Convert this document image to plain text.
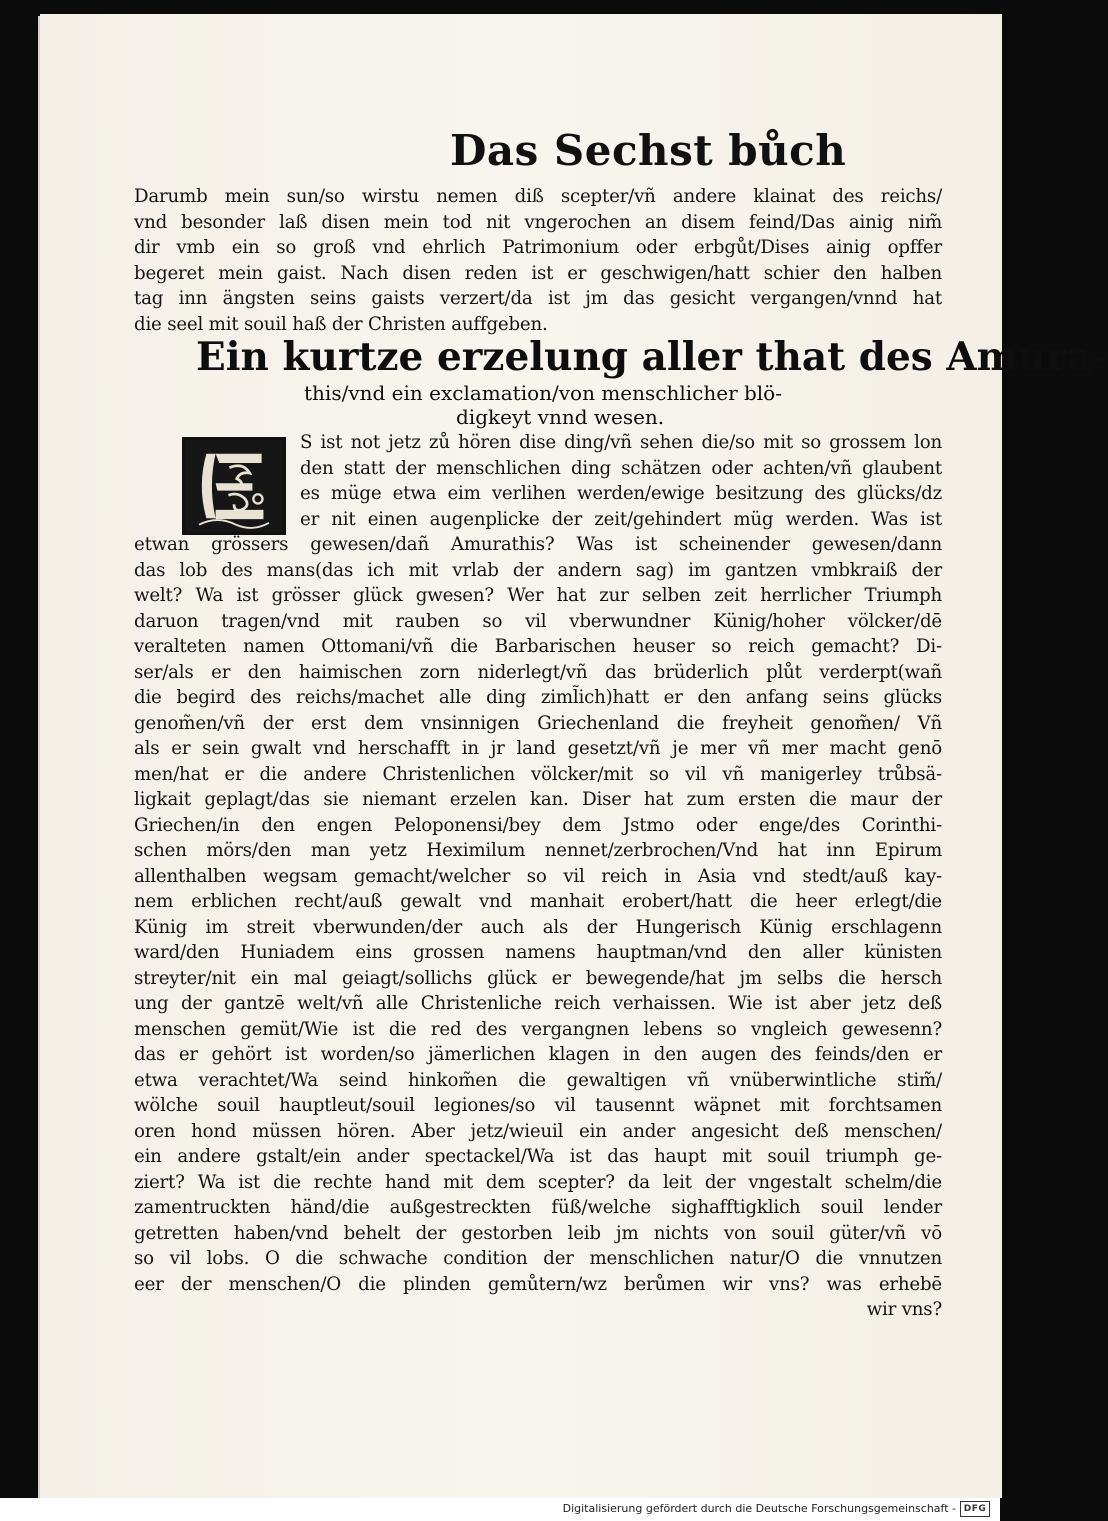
Das Sechst bůch
Darumb mein sun/so wirstu nemen diß scepter/vñ andere klainat des reichs/
vnd besonder laß disen mein tod nit vngerochen an disem feind/Das ainig nim̃
dir vmb ein so groß vnd ehrlich Patrimonium oder erbgůt/Dises ainig opffer
begeret mein gaist. Nach disen reden ist er geschwigen/hatt schier den halben
tag inn ängsten seins gaists verzert/da ist jm das gesicht vergangen/vnnd hat
die seel mit souil haß der Christen auffgeben.
Ein kurtze erzelung aller that des Amura-
this/vnd ein exclamation/von menschlicher blö-
digkeyt vnnd wesen.
S ist not jetz zů hören dise ding/vñ sehen die/so mit so grossem lon
den statt der menschlichen ding schätzen oder achten/vñ glaubent
es müge etwa eim verlihen werden/ewige besitzung des glücks/dz
er nit einen augenplicke der zeit/gehindert müg werden. Was ist
etwan grössers gewesen/dañ Amurathis? Was ist scheinender gewesen/dann
das lob des mans(das ich mit vrlab der andern sag) im gantzen vmbkraiß der
welt? Wa ist grösser glück gwesen? Wer hat zur selben zeit herrlicher Triumph
daruon tragen/vnd mit rauben so vil vberwundner Künig/hoher völcker/dē
veralteten namen Ottomani/vñ die Barbarischen heuser so reich gemacht? Di-
ser/als er den haimischen zorn niderlegt/vñ das brüderlich plůt verderpt(wañ
die begird des reichs/machet alle ding ziml̃ich)hatt er den anfang seins glücks
genom̃en/vñ der erst dem vnsinnigen Griechenland die freyheit genom̃en/ Vñ
als er sein gwalt vnd herschafft in jr land gesetzt/vñ je mer vñ mer macht genō
men/hat er die andere Christenlichen völcker/mit so vil vñ manigerley trůbsä-
ligkait geplagt/das sie niemant erzelen kan. Diser hat zum ersten die maur der
Griechen/in den engen Peloponensi/bey dem Jstmo oder enge/des Corinthi-
schen mörs/den man yetz Heximilum nennet/zerbrochen/Vnd hat inn Epirum
allenthalben wegsam gemacht/welcher so vil reich in Asia vnd stedt/auß kay-
nem erblichen recht/auß gewalt vnd manhait erobert/hatt die heer erlegt/die
Künig im streit vberwunden/der auch als der Hungerisch Künig erschlagenn
ward/den Huniadem eins grossen namens hauptman/vnd den aller künisten
streyter/nit ein mal geiagt/sollichs glück er bewegende/hat jm selbs die hersch
ung der gantzē welt/vñ alle Christenliche reich verhaissen. Wie ist aber jetz deß
menschen gemüt/Wie ist die red des vergangnen lebens so vngleich gewesenn?
das er gehört ist worden/so jämerlichen klagen in den augen des feinds/den er
etwa verachtet/Wa seind hinkom̃en die gewaltigen vñ vnüberwintliche stim̃/
wölche souil hauptleut/souil legiones/so vil tausennt wäpnet mit forchtsamen
oren hond müssen hören. Aber jetz/wieuil ein ander angesicht deß menschen/
ein andere gstalt/ein ander spectackel/Wa ist das haupt mit souil triumph ge-
ziert? Wa ist die rechte hand mit dem scepter? da leit der vngestalt schelm/die
zamentruckten händ/die außgestreckten füß/welche sighafftigklich souil lender
getretten haben/vnd behelt der gestorben leib jm nichts von souil güter/vñ vō
so vil lobs. O die schwache condition der menschlichen natur/O die vnnutzen
eer der menschen/O die plinden gemůtern/wz berůmen wir vns? was erhebē
wir vns?
Digitalisierung gefördert durch die Deutsche Forschungsgemeinschaft - DFG
